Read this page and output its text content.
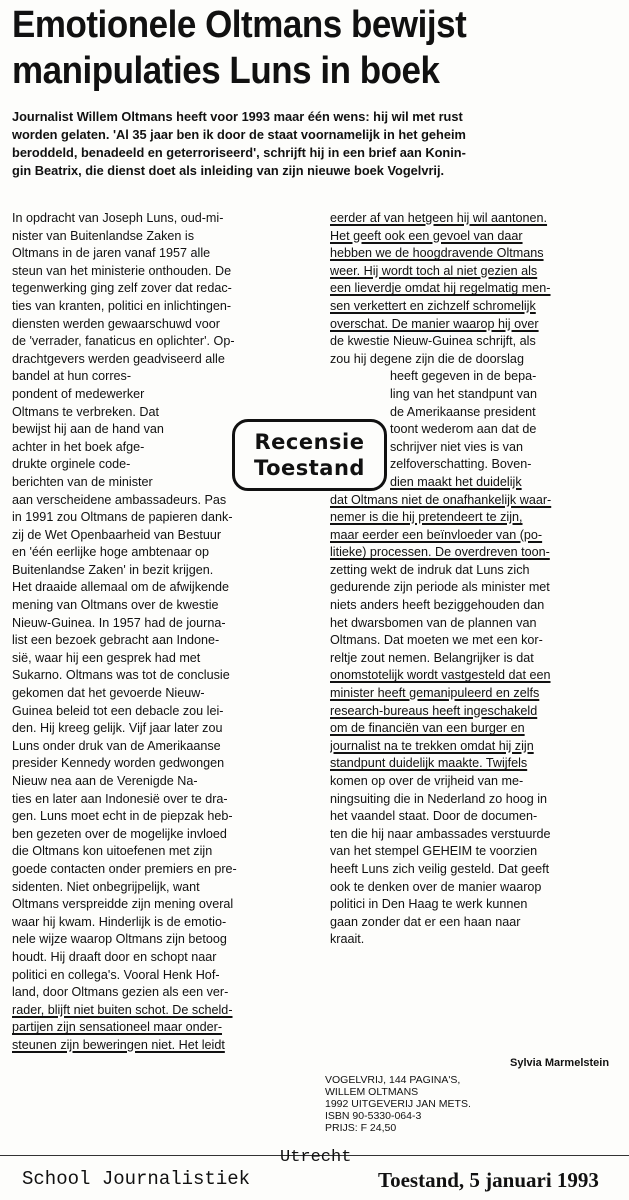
Emotionele Oltmans bewijst
manipulaties Luns in boek
Journalist Willem Oltmans heeft voor 1993 maar één wens: hij wil met rust
worden gelaten. 'Al 35 jaar ben ik door de staat voornamelijk in het geheim
beroddeld, benadeeld en geterroriseerd', schrijft hij in een brief aan Konin-
gin Beatrix, die dienst doet als inleiding van zijn nieuwe boek Vogelvrij.
In opdracht van Joseph Luns, oud-mi-
nister van Buitenlandse Zaken is
Oltmans in de jaren vanaf 1957 alle
steun van het ministerie onthouden. De
tegenwerking ging zelf zover dat redac-
ties van kranten, politici en inlichtingen-
diensten werden gewaarschuwd voor
de 'verrader, fanaticus en oplichter'. Op-
drachtgevers werden geadviseerd alle
bandel at hun corres-
pondent of medewerker
Oltmans te verbreken. Dat
bewijst hij aan de hand van
achter in het boek afge-
drukte orginele code-
berichten van de minister
aan verscheidene ambassadeurs. Pas
in 1991 zou Oltmans de papieren dank-
zij de Wet Openbaarheid van Bestuur
en 'één eerlijke hoge ambtenaar op
Buitenlandse Zaken' in bezit krijgen.
Het draaide allemaal om de afwijkende
mening van Oltmans over de kwestie
Nieuw-Guinea. In 1957 had de journa-
list een bezoek gebracht aan Indone-
sië, waar hij een gesprek had met
Sukarno. Oltmans was tot de conclusie
gekomen dat het gevoerde Nieuw-
Guinea beleid tot een debacle zou lei-
den. Hij kreeg gelijk. Vijf jaar later zou
Luns onder druk van de Amerikaanse
presider Kennedy worden gedwongen
Nieuw nea aan de Verenigde Na-
ties en later aan Indonesië over te dra-
gen. Luns moet echt in de piepzak heb-
ben gezeten over de mogelijke invloed
die Oltmans kon uitoefenen met zijn
goede contacten onder premiers en pre-
sidenten. Niet onbegrijpelijk, want
Oltmans verspreidde zijn mening overal
waar hij kwam. Hinderlijk is de emotio-
nele wijze waarop Oltmans zijn betoog
houdt. Hij draaft door en schopt naar
politici en collega's. Vooral Henk Hof-
land, door Oltmans gezien als een ver-
rader, blijft niet buiten schot. De scheld-
partijen zijn sensationeel maar onder-
steunen zijn beweringen niet. Het leidt
eerder af van hetgeen hij wil aantonen.
Het geeft ook een gevoel van daar
hebben we de hoogdravende Oltmans
weer. Hij wordt toch al niet gezien als
een lieverdje omdat hij regelmatig men-
sen verkettert en zichzelf schromelijk
overschat. De manier waarop hij over
de kwestie Nieuw-Guinea schrijft, als
zou hij degene zijn die de doorslag
heeft gegeven in de bepa-
ling van het standpunt van
de Amerikaanse president
toont wederom aan dat de
schrijver niet vies is van
zelfoverschatting. Boven-
dien maakt het duidelijk
dat Oltmans niet de onafhankelijk waar-
nemer is die hij pretendeert te zijn,
maar eerder een beïnvloeder van (po-
litieke) processen. De overdreven toon-
zetting wekt de indruk dat Luns zich
gedurende zijn periode als minister met
niets anders heeft beziggehouden dan
het dwarsbomen van de plannen van
Oltmans. Dat moeten we met een kor-
reltje zout nemen. Belangrijker is dat
onomstotelijk wordt vastgesteld dat een
minister heeft gemanipuleerd en zelfs
research-bureaus heeft ingeschakeld
om de financiën van een burger en
journalist na te trekken omdat hij zijn
standpunt duidelijk maakte. Twijfels
komen op over de vrijheid van me-
ningsuiting die in Nederland zo hoog in
het vaandel staat. Door de documen-
ten die hij naar ambassades verstuurde
van het stempel GEHEIM te voorzien
heeft Luns zich veilig gesteld. Dat geeft
ook te denken over de manier waarop
politici in Den Haag te werk kunnen
gaan zonder dat er een haan naar
kraait.
Recensie
Toestand
Sylvia Marmelstein
VOGELVRIJ, 144 PAGINA'S,
WILLEM OLTMANS
1992 UITGEVERIJ JAN METS.
ISBN 90-5330-064-3
PRIJS: F 24,50
Utrecht
School Journalistiek	Toestand, 5 januari 1993
